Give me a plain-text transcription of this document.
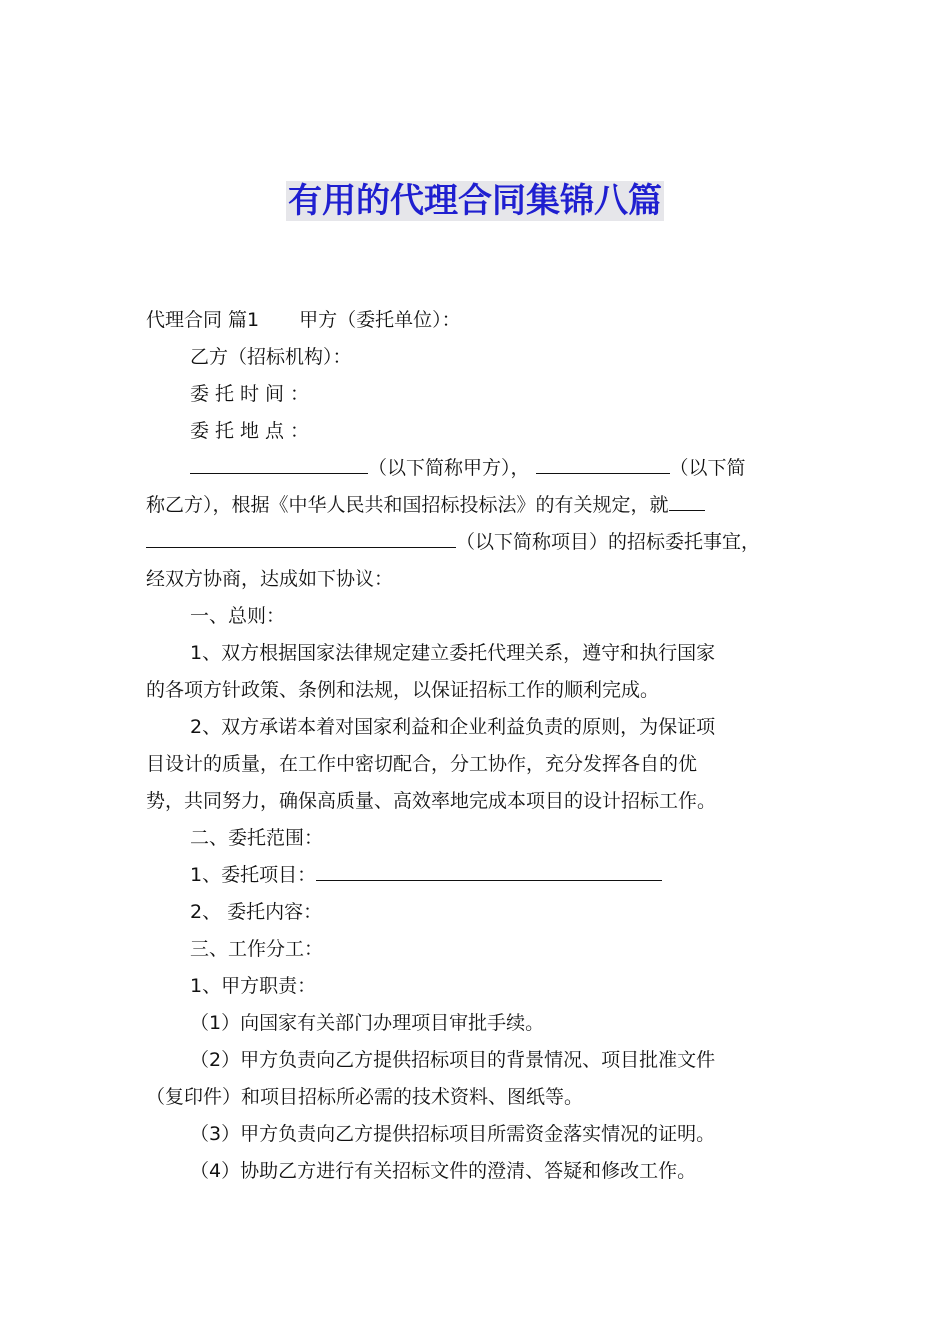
有用的代理合同集锦八篇

代理合同 篇1 甲方（委托单位）：

乙方（招标机构）：

委托时间：

委托地点：

（以下简称甲方），	（以下简

称乙方），根据《中华人民共和国招标投标法》的有关规定，就

（以下简称项目）的招标委托事宜，

经双方协商，达成如下协议：

一、总则：

1、双方根据国家法律规定建立委托代理关系，遵守和执行国家

的各项方针政策、条例和法规，以保证招标工作的顺利完成。

2、双方承诺本着对国家利益和企业利益负责的原则，为保证项

目设计的质量，在工作中密切配合，分工协作，充分发挥各自的优

势，共同努力，确保高质量、高效率地完成本项目的设计招标工作。

二、委托范围：

1、委托项目：

2、 委托内容：

三、工作分工：

1、甲方职责：

（1）向国家有关部门办理项目审批手续。

（2）甲方负责向乙方提供招标项目的背景情况、项目批准文件

（复印件）和项目招标所必需的技术资料、图纸等。

（3）甲方负责向乙方提供招标项目所需资金落实情况的证明。

（4）协助乙方进行有关招标文件的澄清、答疑和修改工作。
